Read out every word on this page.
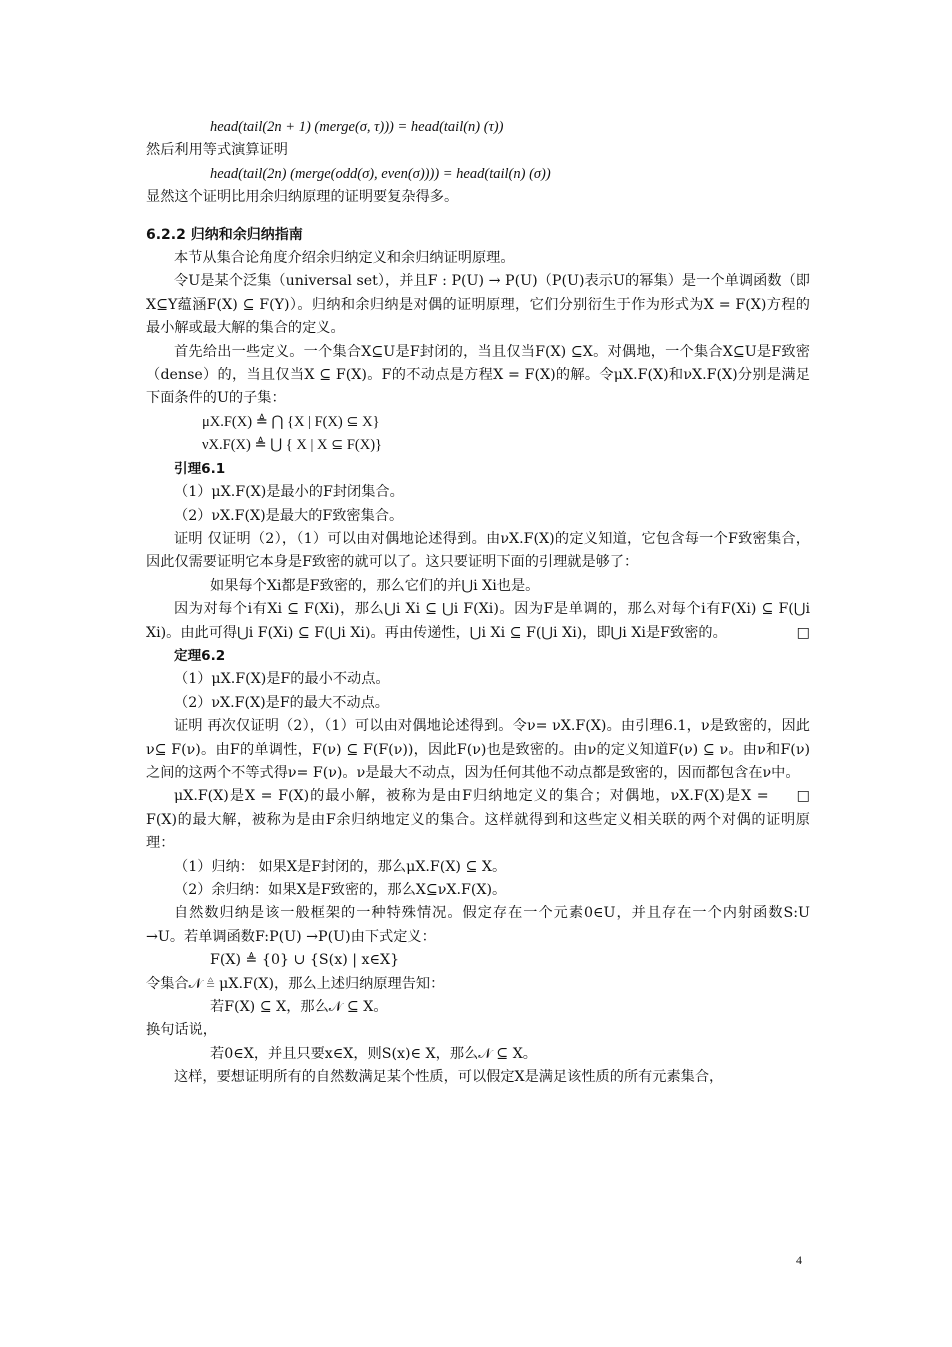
head(tail(2n + 1) (merge(σ, τ))) = head(tail(n) (τ))

然后利用等式演算证明

head(tail(2n) (merge(odd(σ), even(σ)))) = head(tail(n) (σ))

显然这个证明比用余归纳原理的证明要复杂得多。

6.2.2 归纳和余归纳指南

本节从集合论角度介绍余归纳定义和余归纳证明原理。

令U是某个泛集（universal set），并且F : P(U) → P(U)（P(U)表示U的幂集）是一个单调函数（即X⊆Y蕴涵F(X) ⊆ F(Y)）。归纳和余归纳是对偶的证明原理，它们分别衍生于作为形式为X = F(X)方程的最小解或最大解的集合的定义。

首先给出一些定义。一个集合X⊆U是F封闭的，当且仅当F(X) ⊆X。对偶地，一个集合X⊆U是F致密（dense）的，当且仅当X ⊆ F(X)。F的不动点是方程X = F(X)的解。令μX.F(X)和νX.F(X)分别是满足下面条件的U的子集：

μX.F(X) ≜ ⋂ {X | F(X) ⊆ X}

νX.F(X) ≜ ⋃ { X | X ⊆ F(X)}

引理6.1

（1）μX.F(X)是最小的F封闭集合。

（2）νX.F(X)是最大的F致密集合。

证明 仅证明（2），（1）可以由对偶地论述得到。由νX.F(X)的定义知道，它包含每一个F致密集合，因此仅需要证明它本身是F致密的就可以了。这只要证明下面的引理就是够了：

如果每个Xi都是F致密的，那么它们的并⋃i Xi也是。

因为对每个i有Xi ⊆ F(Xi)，那么⋃i Xi ⊆ ⋃i F(Xi)。因为F是单调的，那么对每个i有F(Xi) ⊆ F(⋃i Xi)。由此可得⋃i F(Xi) ⊆ F(⋃i Xi)。再由传递性，⋃i Xi ⊆ F(⋃i Xi)，即⋃i Xi是F致密的。	□

定理6.2

（1）μX.F(X)是F的最小不动点。

（2）νX.F(X)是F的最大不动点。

证明 再次仅证明（2），（1）可以由对偶地论述得到。令ν= νX.F(X)。由引理6.1，ν是致密的，因此ν⊆ F(ν)。由F的单调性，F(ν) ⊆ F(F(ν))，因此F(ν)也是致密的。由ν的定义知道F(ν) ⊆ ν。由ν和F(ν)之间的这两个不等式得ν= F(ν)。ν是最大不动点，因为任何其他不动点都是致密的，因而都包含在ν中。
□

μX.F(X)是X = F(X)的最小解，被称为是由F归纳地定义的集合；对偶地，νX.F(X)是X = F(X)的最大解，被称为是由F余归纳地定义的集合。这样就得到和这些定义相关联的两个对偶的证明原理：

（1）归纳： 如果X是F封闭的，那么μX.F(X) ⊆ X。

（2）余归纳：如果X是F致密的，那么X⊆νX.F(X)。

自然数归纳是该一般框架的一种特殊情况。假定存在一个元素0∈U，并且存在一个内射函数S:U →U。若单调函数F:P(U) →P(U)由下式定义：

F(X) ≜ {0} ∪ {S(x) | x∈X}

令集合𝒩 ≜ μX.F(X)，那么上述归纳原理告知：

若F(X) ⊆ X，那么𝒩 ⊆ X。

换句话说，

若0∈X，并且只要x∈X，则S(x)∈ X，那么𝒩 ⊆ X。

这样，要想证明所有的自然数满足某个性质，可以假定X是满足该性质的所有元素集合，

4
